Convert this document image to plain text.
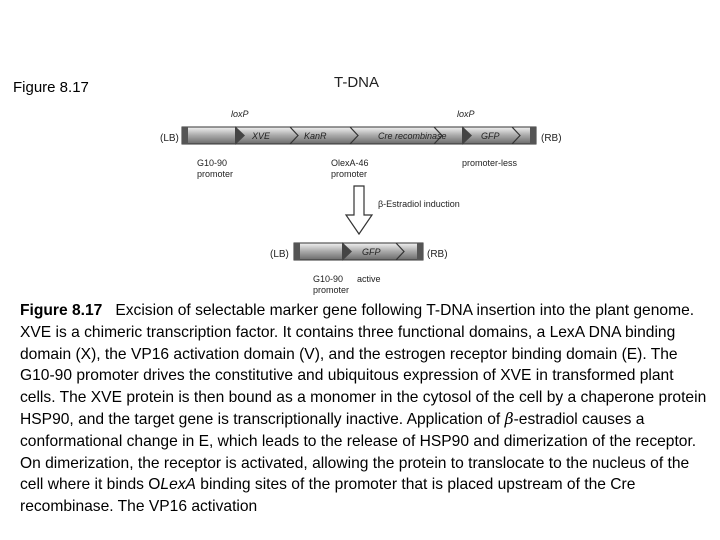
Figure 8.17	T-DNA
loxP	loxP
(LB)	(RB)
XVE	KanR	Cre recombinase	GFP
G10-90
promoter
OlexA-46
promoter
promoter-less
β-Estradiol induction
(LB)	(RB)
GFP
G10-90
promoter
active
Figure 8.17 Excision of selectable marker gene following T-DNA insertion into the plant genome. XVE is a chimeric transcription factor. It contains three functional domains, a LexA DNA binding domain (X), the VP16 activation domain (V), and the estrogen receptor binding domain (E). The G10-90 promoter drives the constitutive and ubiquitous expression of XVE in transformed plant cells. The XVE protein is then bound as a monomer in the cytosol of the cell by a chaperone protein HSP90, and the target gene is transcriptionally inactive. Application of β-estradiol causes a conformational change in E, which leads to the release of HSP90 and dimerization of the receptor. On dimerization, the receptor is activated, allowing the protein to translocate to the nucleus of the cell where it binds OLexA binding sites of the promoter that is placed upstream of the Cre recombinase. The VP16 activation
